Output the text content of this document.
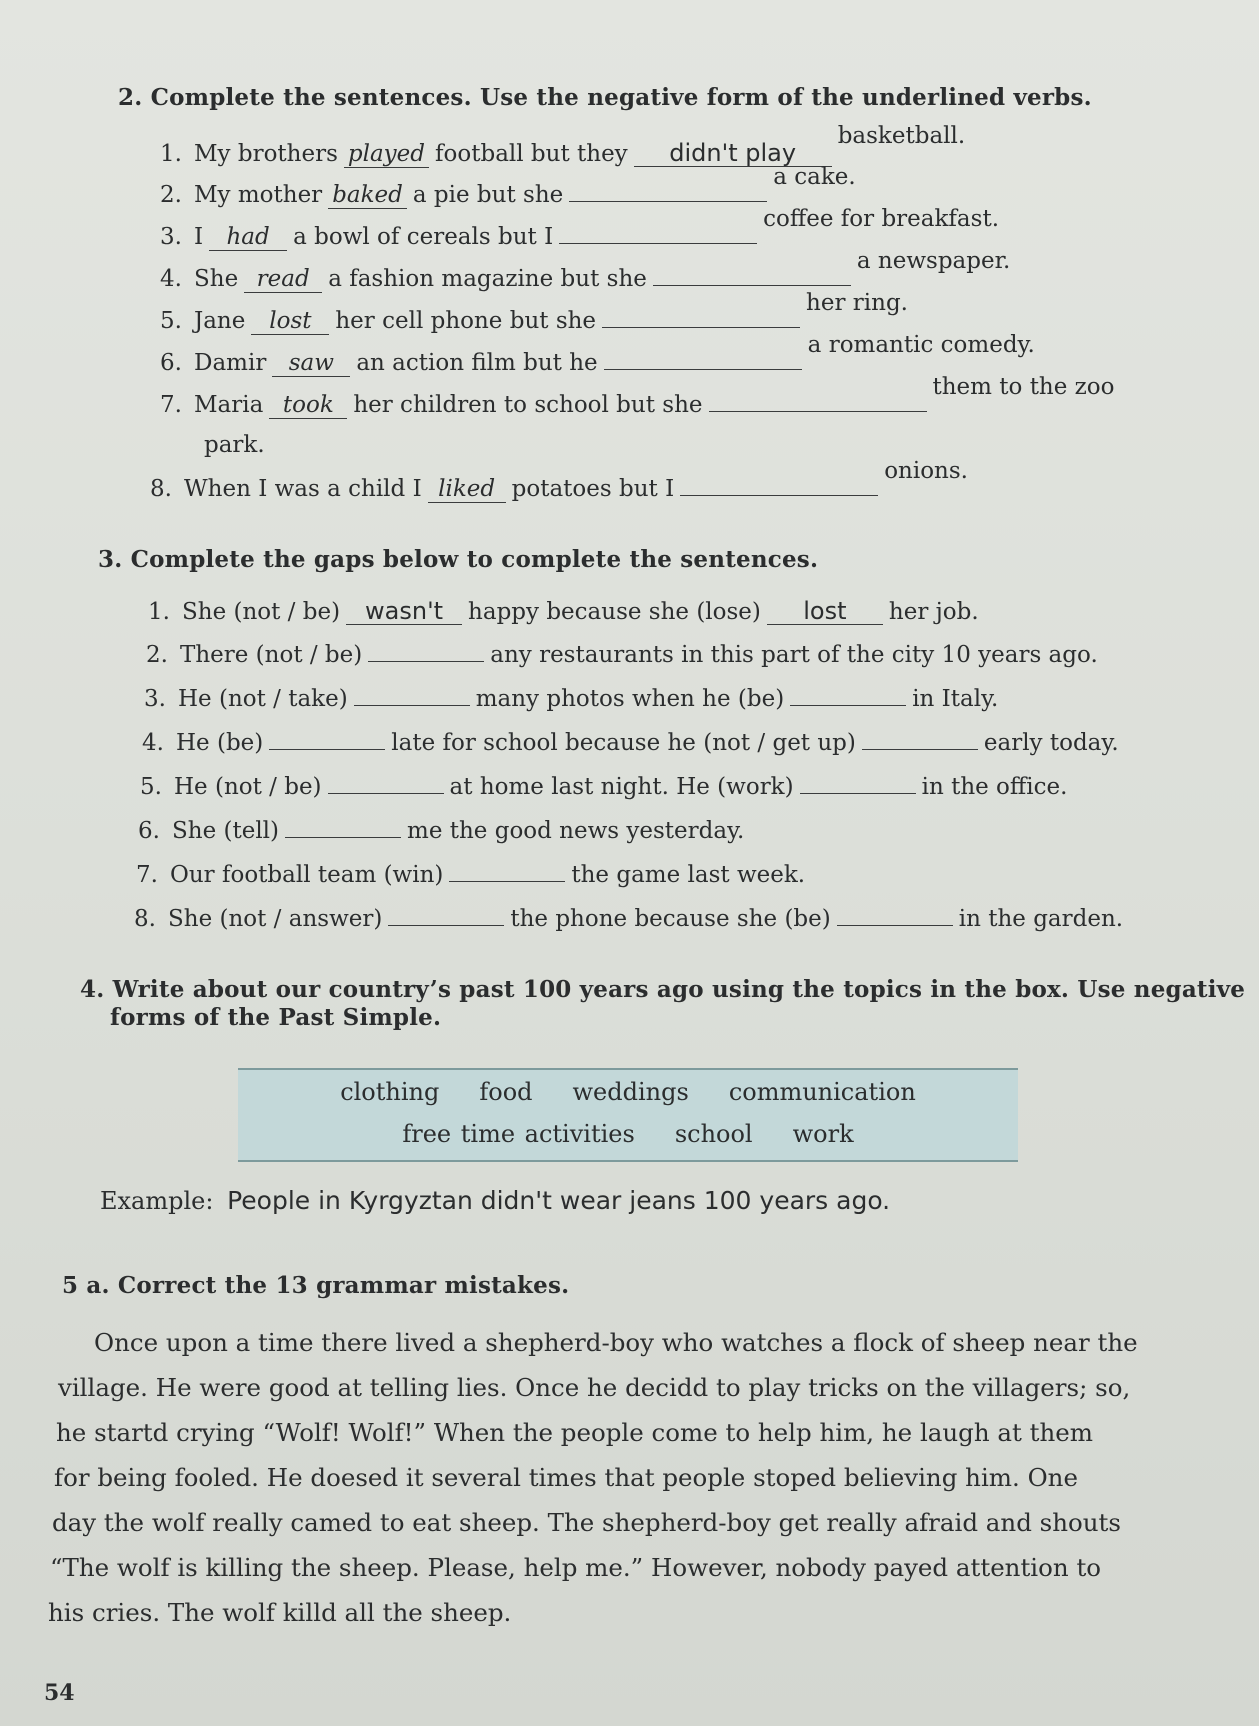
2. Complete the sentences. Use the negative form of the underlined verbs.
1. My brothers played football but they didn't playbasketball.
2. My mother baked a pie but shea cake.
3. I had a bowl of cereals but Icoffee for breakfast.
4. She read a fashion magazine but shea newspaper.
5. Jane lost her cell phone but sheher ring.
6. Damir saw an action film but hea romantic comedy.
7. Maria took her children to school but shethem to the zoo
8. When I was a child I liked potatoes but Ionions.
park.
3. Complete the gaps below to complete the sentences.
1. She (not / be) wasn't happy because she (lose) lost her job.
2. There (not / be)	any restaurants in this part of the city 10 years ago.
3. He (not / take)	many photos when he (be)	in Italy.
4. He (be)	late for school because he (not / get up)	early today.
5. He (not / be)	at home last night. He (work)	in the office.
6. She (tell)	me the good news yesterday.
7. Our football team (win)	the game last week.
8. She (not / answer)	the phone because she (be)	in the garden.
4. Write about our country’s past 100 years ago using the topics in the box. Use negative
forms of the Past Simple.
clothing food weddings communication
free time activities school work
Example: People in Kyrgyztan didn't wear jeans 100 years ago.
5 a. Correct the 13 grammar mistakes.
Once upon a time there lived a shepherd-boy who watches a flock of sheep near the
village. He were good at telling lies. Once he decidd to play tricks on the villagers; so,
he startd crying “Wolf! Wolf!” When the people come to help him, he laugh at them
for being fooled. He doesed it several times that people stoped believing him. One
day the wolf really camed to eat sheep. The shepherd-boy get really afraid and shouts
“The wolf is killing the sheep. Please, help me.” However, nobody payed attention to
his cries. The wolf killd all the sheep.
54
